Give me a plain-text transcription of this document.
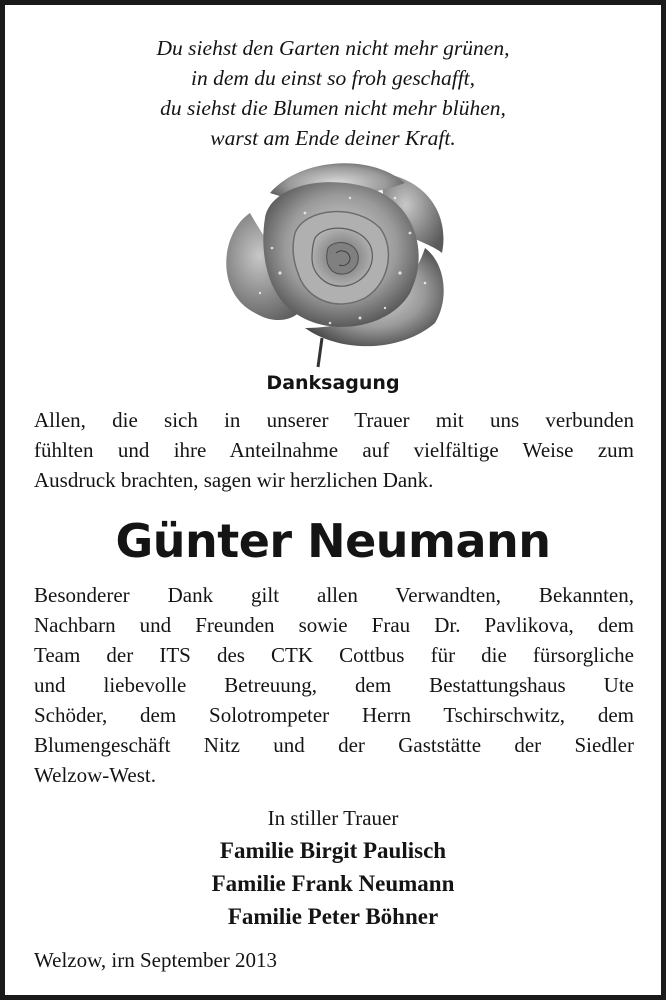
Du siehst den Garten nicht mehr grünen,
in dem du einst so froh geschafft,
du siehst die Blumen nicht mehr blühen,
warst am Ende deiner Kraft.
Danksagung
Allen, die sich in unserer Trauer mit uns verbunden
fühlten und ihre Anteilnahme auf vielfältige Weise zum
Ausdruck brachten, sagen wir herzlichen Dank.
Günter Neumann
Besonderer Dank gilt allen Verwandten, Bekannten,
Nachbarn und Freunden sowie Frau Dr. Pavlikova, dem
Team der ITS des CTK Cottbus für die fürsorgliche
und liebevolle Betreuung, dem Bestattungshaus Ute
Schöder, dem Solotrompeter Herrn Tschirschwitz, dem
Blumengeschäft Nitz und der Gaststätte der Siedler
Welzow-West.
In stiller Trauer
Familie Birgit Paulisch
Familie Frank Neumann
Familie Peter Böhner
Welzow, irn September 2013
